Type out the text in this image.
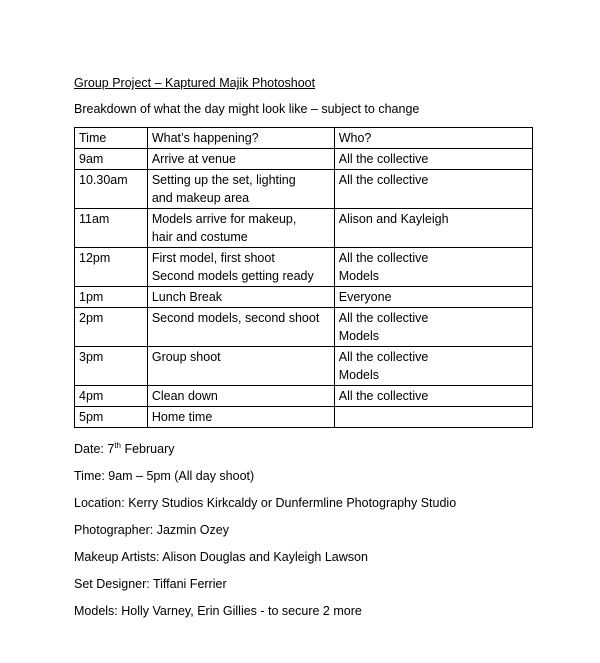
Group Project – Kaptured Majik Photoshoot
Breakdown of what the day might look like – subject to change
Time	What’s happening?	Who?
9am	Arrive at venue	All the collective

10.30am	Setting up the set, lighting
and makeup area	All the collective

11am	Models arrive for makeup,
hair and costume	Alison and Kayleigh

12pm	First model, first shoot
Second models getting ready	All the collective
Models

1pm	Lunch Break	Everyone

2pm	Second models, second shoot	All the collective
Models

3pm	Group shoot	All the collective
Models

4pm	Clean down	All the collective

5pm	Home time	

Date: 7th February
Time: 9am – 5pm (All day shoot)
Location: Kerry Studios Kirkcaldy or Dunfermline Photography Studio
Photographer: Jazmin Ozey
Makeup Artists: Alison Douglas and Kayleigh Lawson
Set Designer: Tiffani Ferrier
Models: Holly Varney, Erin Gillies - to secure 2 more
